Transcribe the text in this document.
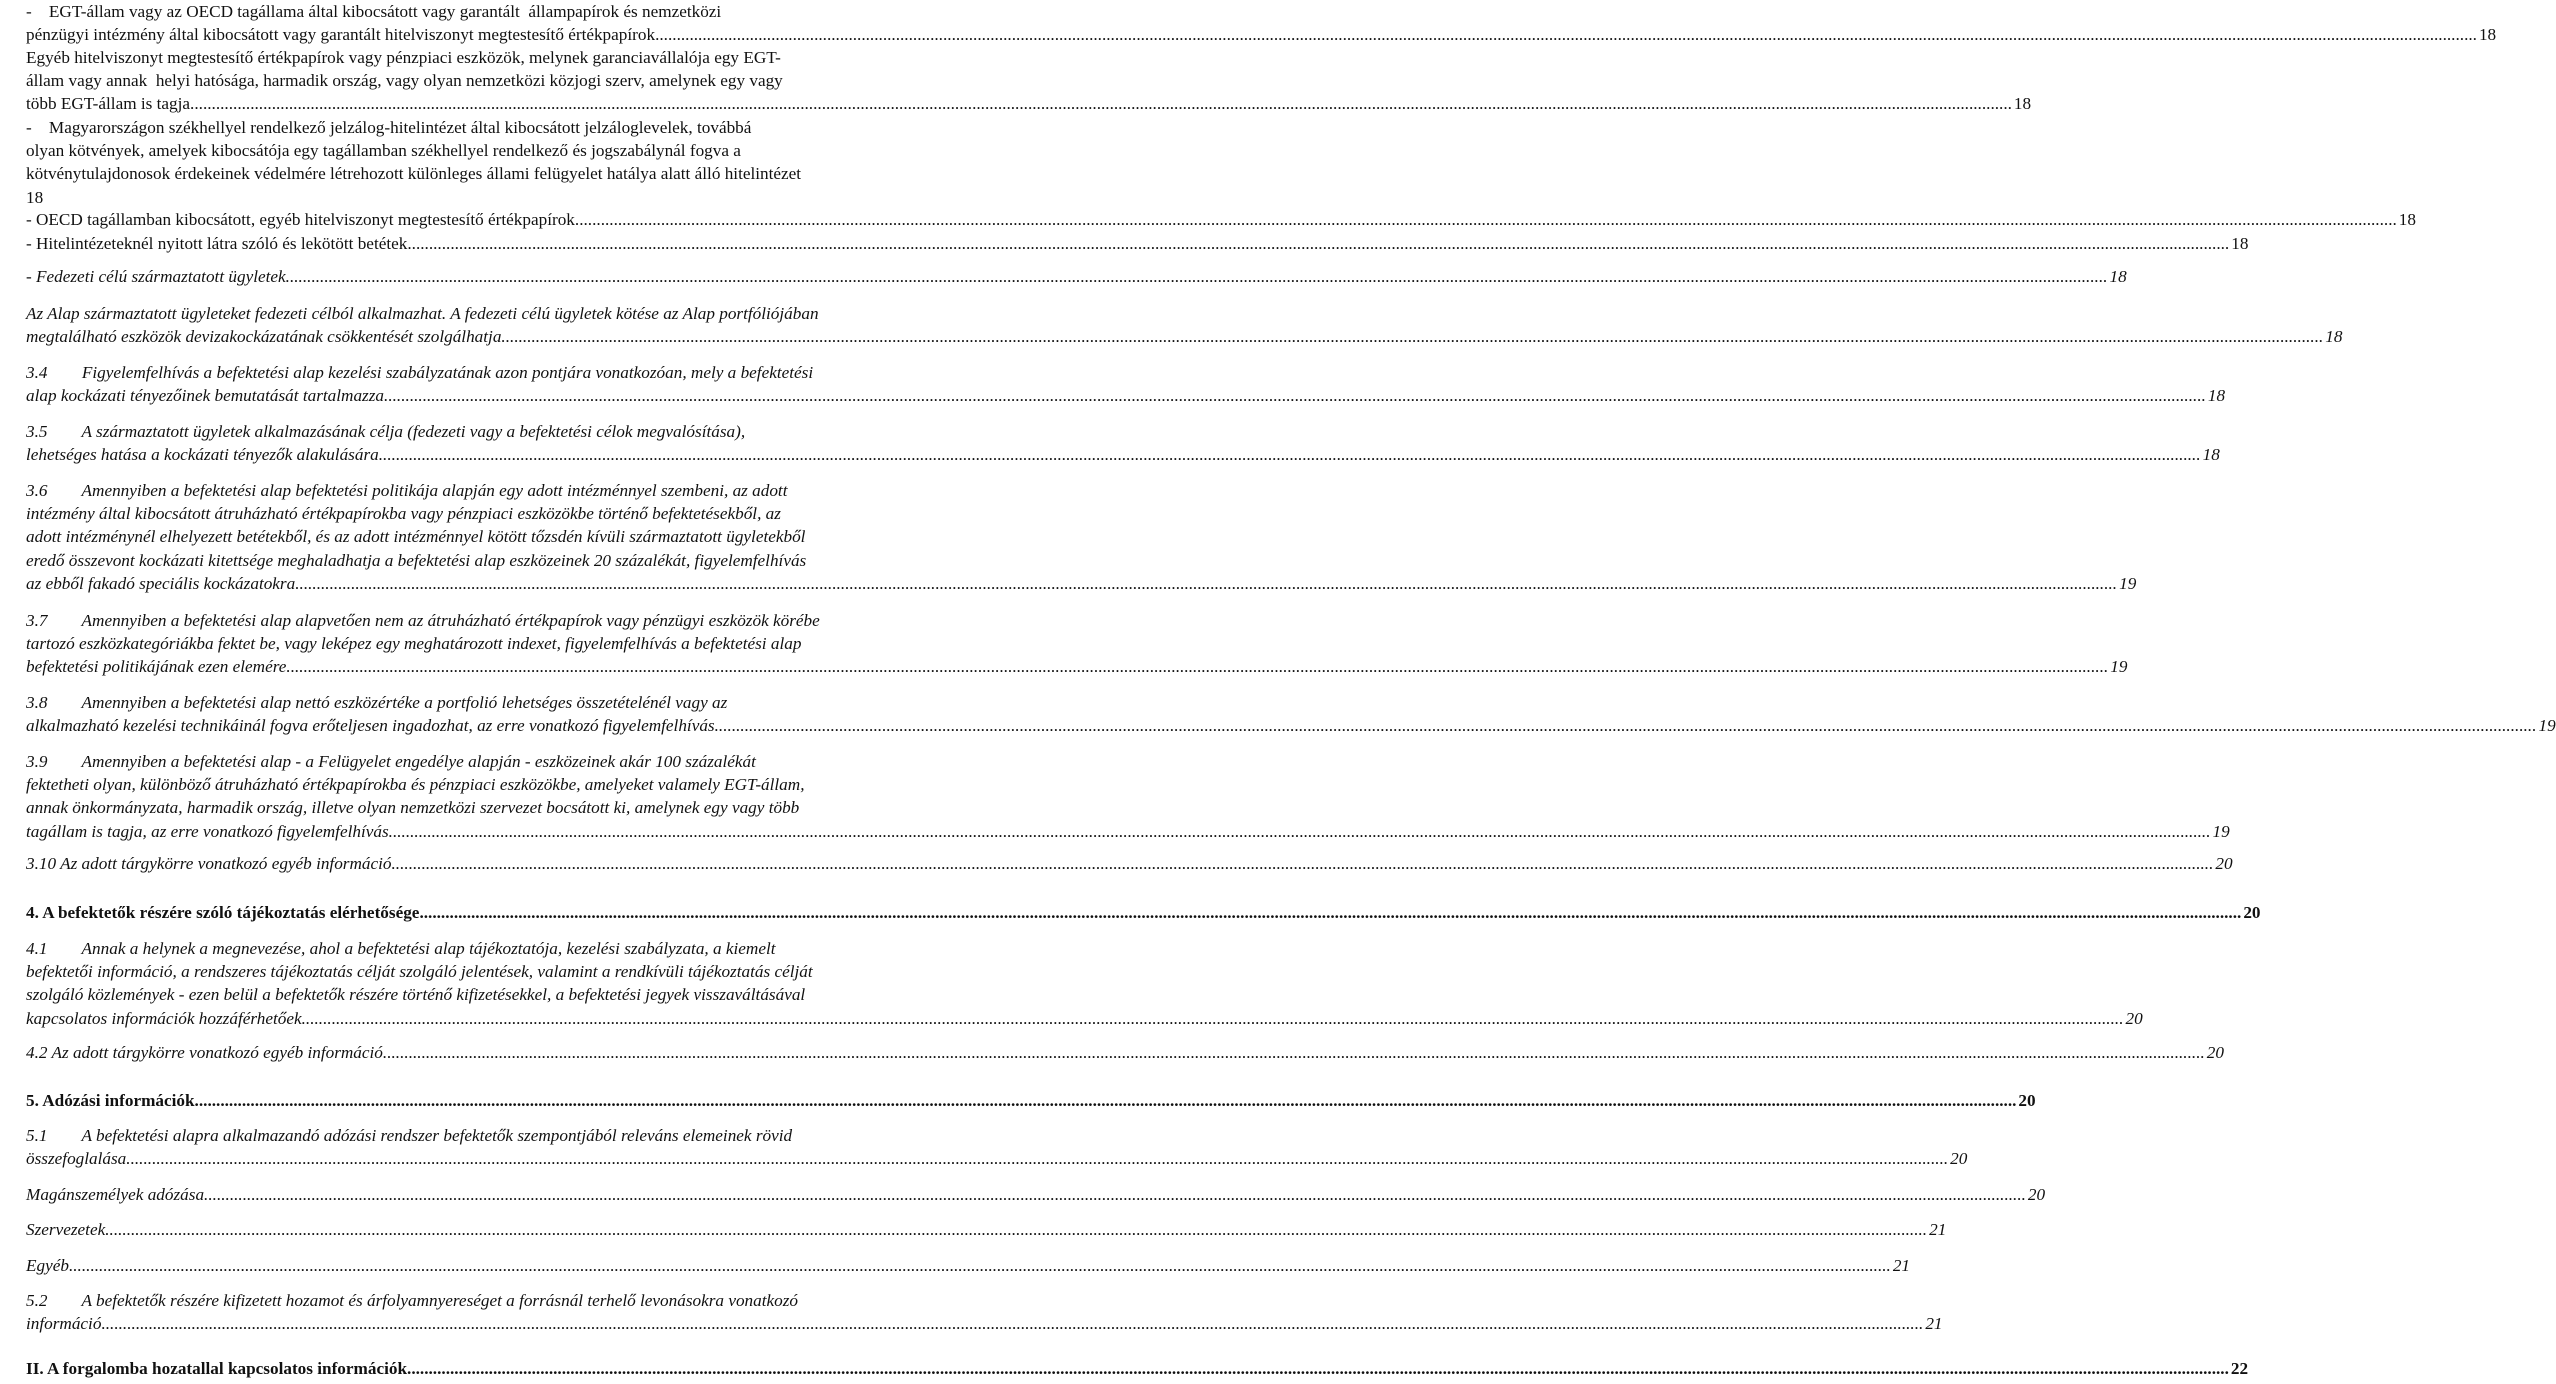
-    EGT-állam vagy az OECD tagállama által kibocsátott vagy garantált  állampapírok és nemzetközi
pénzügyi intézmény által kibocsátott vagy garantált hitelviszonyt megtestesítő értékpapírok .....	18
Egyéb hitelviszonyt megtestesítő értékpapírok vagy pénzpiaci eszközök, melynek garanciavállalója egy EGT-
állam vagy annak  helyi hatósága, harmadik ország, vagy olyan nemzetközi közjogi szerv, amelynek egy vagy
több EGT-állam is tagja .....	18
-    Magyarországon székhellyel rendelkező jelzálog-hitelintézet által kibocsátott jelzáloglevelek, továbbá
olyan kötvények, amelyek kibocsátója egy tagállamban székhellyel rendelkező és jogszabálynál fogva a
kötvénytulajdonosok érdekeinek védelmére létrehozott különleges állami felügyelet hatálya alatt álló hitelintézet
18
- OECD tagállamban kibocsátott, egyéb hitelviszonyt megtestesítő értékpapírok .....	18
- Hitelintézeteknél nyitott látra szóló és lekötött betétek .....	18
- Fedezeti célú származtatott ügyletek .....	18
Az Alap származtatott ügyleteket fedezeti célból alkalmazhat. A fedezeti célú ügyletek kötése az Alap portfóliójában
megtalálható eszközök devizakockázatának csökkentését szolgálhatja .....	18
3.4        Figyelemfelhívás a befektetési alap kezelési szabályzatának azon pontjára vonatkozóan, mely a befektetési
alap kockázati tényezőinek bemutatását tartalmazza .....	18
3.5        A származtatott ügyletek alkalmazásának célja (fedezeti vagy a befektetési célok megvalósítása),
lehetséges hatása a kockázati tényezők alakulására .....	18
3.6        Amennyiben a befektetési alap befektetési politikája alapján egy adott intézménnyel szembeni, az adott
intézmény által kibocsátott átruházható értékpapírokba vagy pénzpiaci eszközökbe történő befektetésekből, az
adott intézménynél elhelyezett betétekből, és az adott intézménnyel kötött tőzsdén kívüli származtatott ügyletekből
eredő összevont kockázati kitettsége meghaladhatja a befektetési alap eszközeinek 20 százalékát, figyelemfelhívás
az ebből fakadó speciális kockázatokra .....	19
3.7        Amennyiben a befektetési alap alapvetően nem az átruházható értékpapírok vagy pénzügyi eszközök körébe
tartozó eszközkategóriákba fektet be, vagy leképez egy meghatározott indexet, figyelemfelhívás a befektetési alap
befektetési politikájának ezen elemére .....	19
3.8        Amennyiben a befektetési alap nettó eszközértéke a portfolió lehetséges összetételénél vagy az
alkalmazható kezelési technikáinál fogva erőteljesen ingadozhat, az erre vonatkozó figyelemfelhívás .....	19
3.9        Amennyiben a befektetési alap - a Felügyelet engedélye alapján - eszközeinek akár 100 százalékát
fektetheti olyan, különböző átruházható értékpapírokba és pénzpiaci eszközökbe, amelyeket valamely EGT-állam,
annak önkormányzata, harmadik ország, illetve olyan nemzetközi szervezet bocsátott ki, amelynek egy vagy több
tagállam is tagja, az erre vonatkozó figyelemfelhívás .....	19
3.10 Az adott tárgykörre vonatkozó egyéb információ .....	20
4. A befektetők részére szóló tájékoztatás elérhetősége .....	20
4.1        Annak a helynek a megnevezése, ahol a befektetési alap tájékoztatója, kezelési szabályzata, a kiemelt
befektetői információ, a rendszeres tájékoztatás célját szolgáló jelentések, valamint a rendkívüli tájékoztatás célját
szolgáló közlemények - ezen belül a befektetők részére történő kifizetésekkel, a befektetési jegyek visszaváltásával
kapcsolatos információk hozzáférhetőek .....	20
4.2 Az adott tárgykörre vonatkozó egyéb információ .....	20
5. Adózási információk .....	20
5.1        A befektetési alapra alkalmazandó adózási rendszer befektetők szempontjából releváns elemeinek rövid
összefoglalása .....	20
Magánszemélyek adózása .....	20
Szervezetek .....	21
Egyéb .....	21
5.2        A befektetők részére kifizetett hozamot és árfolyamnyereséget a forrásnál terhelő levonásokra vonatkozó
információ .....	21
II. A forgalomba hozatallal kapcsolatos információk .....	22
